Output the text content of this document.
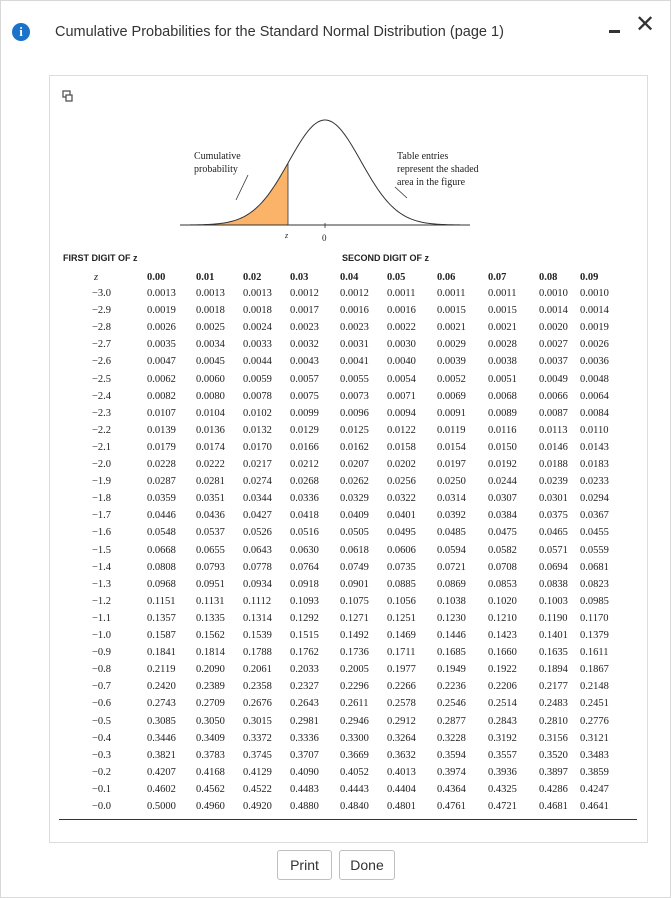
i	Cumulative Probabilities for the Standard Normal Distribution (page 1)	✕
Cumulative
probability
Table entries
represent the shaded
area in the figure
z	0
FIRST DIGIT OF z	SECOND DIGIT OF z
z	0.00	0.01	0.02	0.03	0.04	0.05	0.06	0.07	0.08 0.09
−3.0	0.0013 0.0013 0.0013 0.0012 0.0012 0.0011 0.0011 0.0011 0.0010 0.0010
−2.9	0.0019 0.0018 0.0018 0.0017 0.0016 0.0016 0.0015 0.0015 0.0014 0.0014
−2.8	0.0026 0.0025 0.0024 0.0023 0.0023 0.0022 0.0021 0.0021 0.0020 0.0019
−2.7	0.0035 0.0034 0.0033 0.0032 0.0031 0.0030 0.0029 0.0028 0.0027 0.0026
−2.6	0.0047 0.0045 0.0044 0.0043 0.0041 0.0040 0.0039 0.0038 0.0037 0.0036
−2.5	0.0062 0.0060 0.0059 0.0057 0.0055 0.0054 0.0052 0.0051 0.0049 0.0048
−2.4	0.0082 0.0080 0.0078 0.0075 0.0073 0.0071 0.0069 0.0068 0.0066 0.0064
−2.3	0.0107 0.0104 0.0102 0.0099 0.0096 0.0094 0.0091 0.0089 0.0087 0.0084
−2.2	0.0139 0.0136 0.0132 0.0129 0.0125 0.0122 0.0119 0.0116 0.0113 0.0110
−2.1	0.0179 0.0174 0.0170 0.0166 0.0162 0.0158 0.0154 0.0150 0.0146 0.0143
−2.0	0.0228 0.0222 0.0217 0.0212 0.0207 0.0202 0.0197 0.0192 0.0188 0.0183
−1.9	0.0287 0.0281 0.0274 0.0268 0.0262 0.0256 0.0250 0.0244 0.0239 0.0233
−1.8	0.0359 0.0351 0.0344 0.0336 0.0329 0.0322 0.0314 0.0307 0.0301 0.0294
−1.7	0.0446 0.0436 0.0427 0.0418 0.0409 0.0401 0.0392 0.0384 0.0375 0.0367
−1.6	0.0548 0.0537 0.0526 0.0516 0.0505 0.0495 0.0485 0.0475 0.0465 0.0455
−1.5	0.0668 0.0655 0.0643 0.0630 0.0618 0.0606 0.0594 0.0582 0.0571 0.0559
−1.4	0.0808 0.0793 0.0778 0.0764 0.0749 0.0735 0.0721 0.0708 0.0694 0.0681
−1.3	0.0968 0.0951 0.0934 0.0918 0.0901 0.0885 0.0869 0.0853 0.0838 0.0823
−1.2	0.1151 0.1131 0.1112 0.1093 0.1075 0.1056 0.1038 0.1020 0.1003 0.0985
−1.1	0.1357 0.1335 0.1314 0.1292 0.1271 0.1251 0.1230 0.1210 0.1190 0.1170
−1.0	0.1587 0.1562 0.1539 0.1515 0.1492 0.1469 0.1446 0.1423 0.1401 0.1379
−0.9	0.1841 0.1814 0.1788 0.1762 0.1736 0.1711 0.1685 0.1660 0.1635 0.1611
−0.8	0.2119 0.2090 0.2061 0.2033 0.2005 0.1977 0.1949 0.1922 0.1894 0.1867
−0.7	0.2420 0.2389 0.2358 0.2327 0.2296 0.2266 0.2236 0.2206 0.2177 0.2148
−0.6	0.2743 0.2709 0.2676 0.2643 0.2611 0.2578 0.2546 0.2514 0.2483 0.2451
−0.5	0.3085 0.3050 0.3015 0.2981 0.2946 0.2912 0.2877 0.2843 0.2810 0.2776
−0.4	0.3446 0.3409 0.3372 0.3336 0.3300 0.3264 0.3228 0.3192 0.3156 0.3121
−0.3	0.3821 0.3783 0.3745 0.3707 0.3669 0.3632 0.3594 0.3557 0.3520 0.3483
−0.2	0.4207 0.4168 0.4129 0.4090 0.4052 0.4013 0.3974 0.3936 0.3897 0.3859
−0.1	0.4602 0.4562 0.4522 0.4483 0.4443 0.4404 0.4364 0.4325 0.4286 0.4247
−0.0	0.5000 0.4960 0.4920 0.4880 0.4840 0.4801 0.4761 0.4721 0.4681 0.4641
Print	Done
